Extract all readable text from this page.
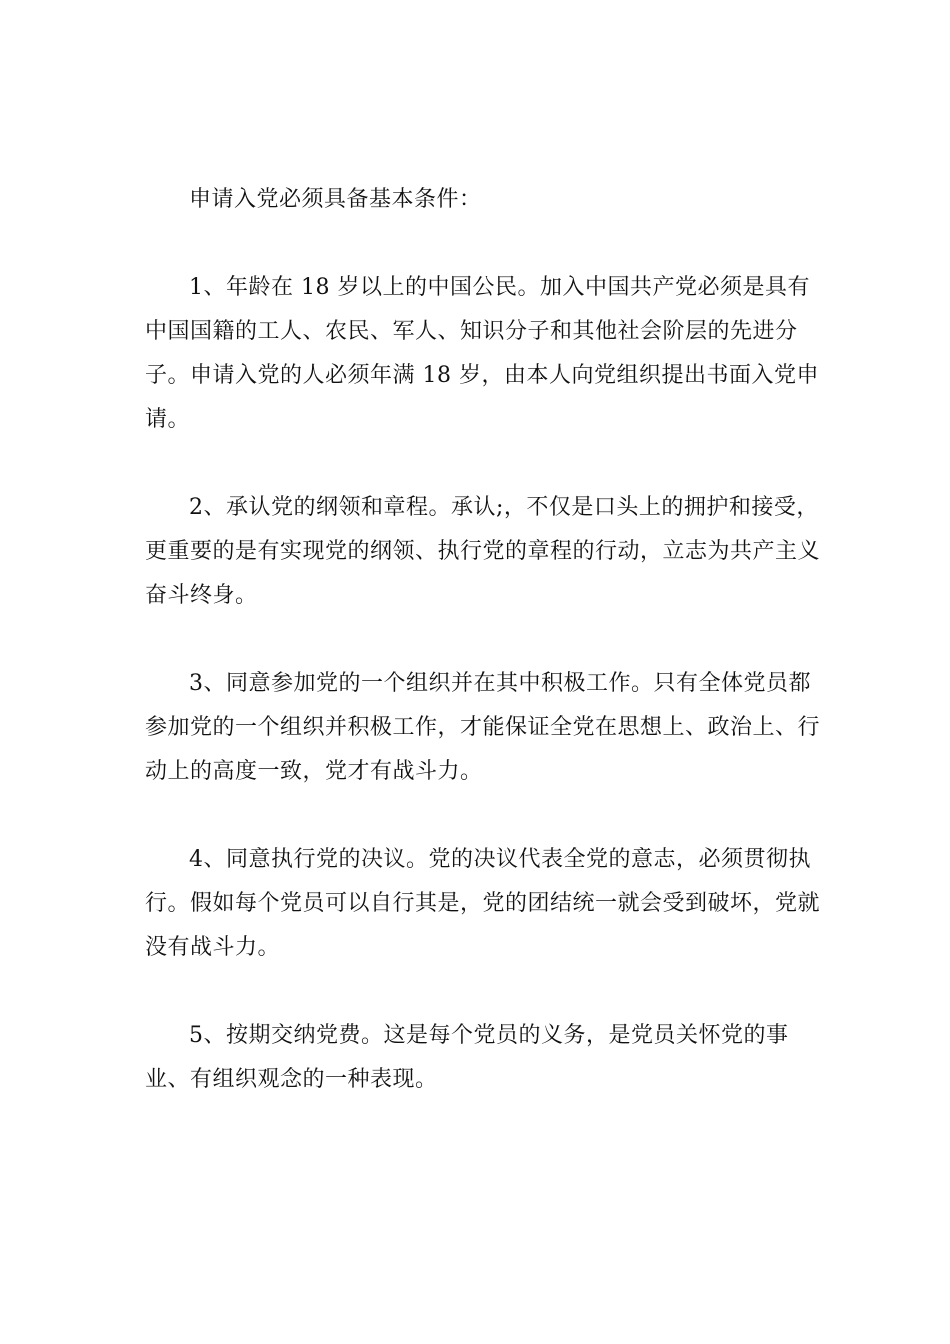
申请入党必须具备基本条件：

1、年龄在 18 岁以上的中国公民。加入中国共产党必须是具有中国国籍的工人、农民、军人、知识分子和其他社会阶层的先进分子。申请入党的人必须年满 18 岁，由本人向党组织提出书面入党申请。

2、承认党的纲领和章程。承认;，不仅是口头上的拥护和接受，更重要的是有实现党的纲领、执行党的章程的行动，立志为共产主义奋斗终身。

3、同意参加党的一个组织并在其中积极工作。只有全体党员都参加党的一个组织并积极工作，才能保证全党在思想上、政治上、行动上的高度一致，党才有战斗力。

4、同意执行党的决议。党的决议代表全党的意志，必须贯彻执行。假如每个党员可以自行其是，党的团结统一就会受到破坏，党就没有战斗力。

5、按期交纳党费。这是每个党员的义务，是党员关怀党的事业、有组织观念的一种表现。
